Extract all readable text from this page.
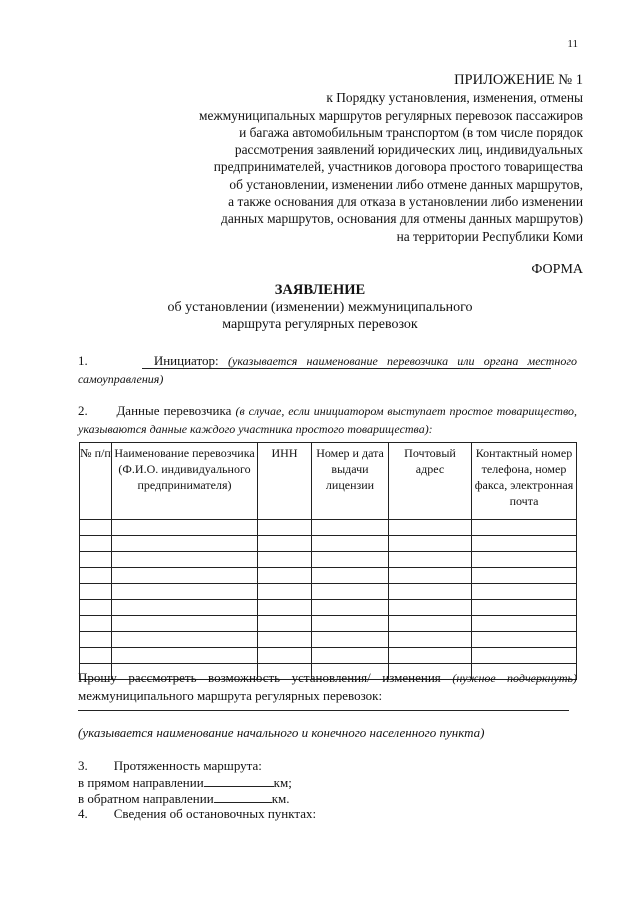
11
ПРИЛОЖЕНИЕ № 1
к Порядку установления, изменения, отмены
межмуниципальных маршрутов регулярных перевозок пассажиров
и багажа автомобильным транспортом (в том числе порядок
рассмотрения заявлений юридических лиц, индивидуальных
предпринимателей, участников договора простого товарищества
об установлении, изменении либо отмене данных маршрутов,
а также основания для отказа в установлении либо изменении
данных маршрутов, основания для отмены данных маршрутов)
на территории Республики Коми
ФОРМА
ЗАЯВЛЕНИЕ
об установлении (изменении) межмуниципального
маршрута регулярных перевозок
1.	Инициатор: (указывается наименование перевозчика или органа местного самоуправления)
2. Данные перевозчика (в случае, если инициатором выступает простое товарищество, указываются данные каждого участника простого товарищества):
№ п/п	Наименование перевозчика (Ф.И.О. индивидуального предпринимателя)	ИНН	Номер и дата выдачи лицензии	Почтовый адрес	Контактный номер телефона, номер факса, электронная почта

Прошу рассмотреть возможность установления/ изменения (нужное подчеркнуть) межмуниципального маршрута регулярных перевозок:
(указывается наименование начального и конечного населенного пункта)
3. Протяженность маршрута:
в прямом направлении	км;
в обратном направлении	км.
4. Сведения об остановочных пунктах:
